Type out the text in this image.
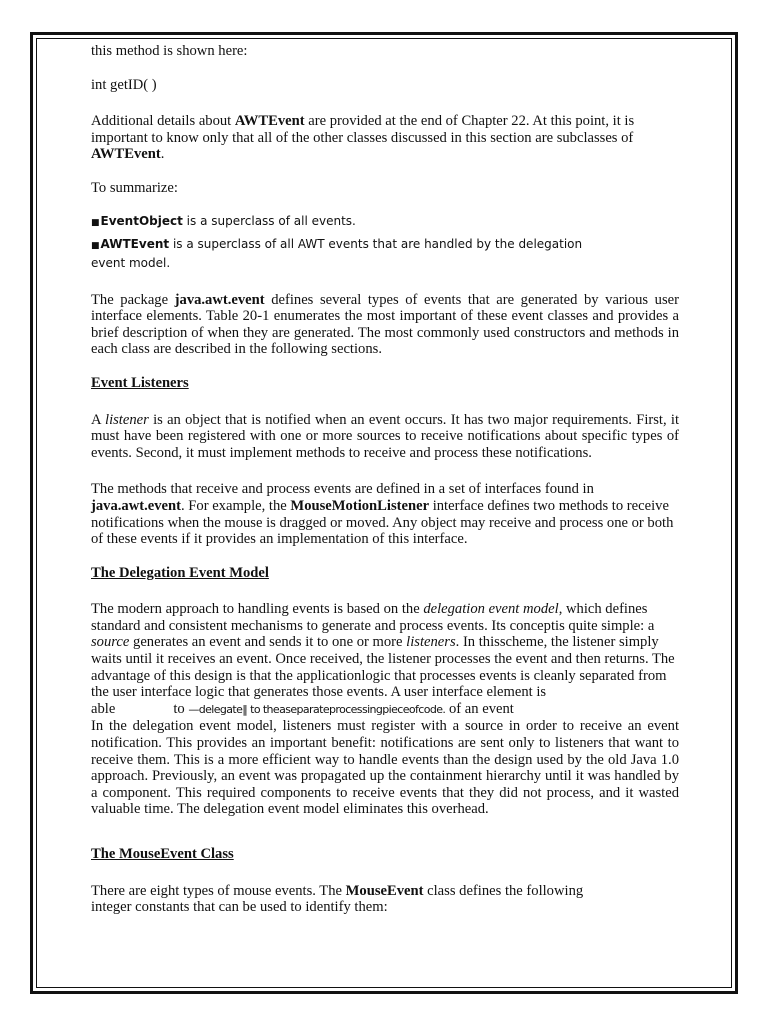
this method is shown here:

int getID( )

Additional details about AWTEvent are provided at the end of Chapter 22. At this point, it is important to know only that all of the other classes discussed in this section are subclasses of AWTEvent.

To summarize:

■EventObject is a superclass of all events.
■AWTEvent is a superclass of all AWT events that are handled by the delegation event model.

The package java.awt.event defines several types of events that are generated by various user interface elements. Table 20-1 enumerates the most important of these event classes and provides a brief description of when they are generated. The most commonly used constructors and methods in each class are described in the following sections.

Event Listeners

A listener is an object that is notified when an event occurs. It has two major requirements. First, it must have been registered with one or more sources to receive notifications about specific types of events. Second, it must implement methods to receive and process these notifications.

The methods that receive and process events are defined in a set of interfaces found in java.awt.event. For example, the MouseMotionListener interface defines two methods to receive notifications when the mouse is dragged or moved. Any object may receive and process one or both of these events if it provides an implementation of this interface.

The Delegation Event Model

The modern approach to handling events is based on the delegation event model, which defines standard and consistent mechanisms to generate and process events. Its conceptis quite simple: a source generates an event and sends it to one or more listeners. In thisscheme, the listener simply waits until it receives an event. Once received, the listener processes the event and then returns. The advantage of this design is that the applicationlogic that processes events is cleanly separated from the user interface logic that generates those events. A user interface element is
able	to —delegate‖ to theaseparateprocessingpieceofcode. of an event

In the delegation event model, listeners must register with a source in order to receive an event notification. This provides an important benefit: notifications are sent only to listeners that want to receive them. This is a more efficient way to handle events than the design used by the old Java 1.0 approach. Previously, an event was propagated up the containment hierarchy until it was handled by a component. This required components to receive events that they did not process, and it wasted valuable time. The delegation event model eliminates this overhead.

The MouseEvent Class

There are eight types of mouse events. The MouseEvent class defines the following integer constants that can be used to identify them:
